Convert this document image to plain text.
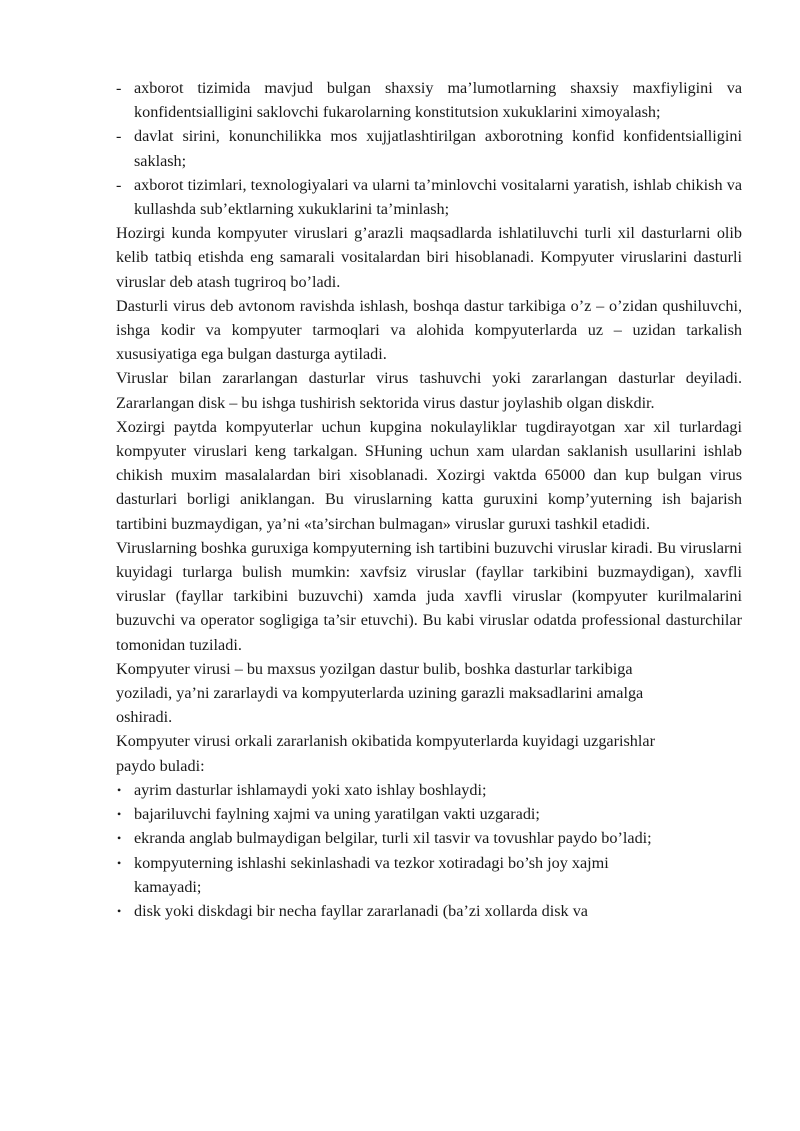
- axborot tizimida mavjud bulgan shaxsiy ma’lumotlarning shaxsiy maxfiyligini va konfidentsialligini saklovchi fukarolarning konstitutsion xukuklarini ximoyalash;
- davlat sirini, konunchilikka mos xujjatlashtirilgan axborotning konfid konfidentsialligini saklash;
- axborot tizimlari, texnologiyalari va ularni ta’minlovchi vositalarni yaratish, ishlab chikish va kullashda sub’ektlarning xukuklarini ta’minlash;

Hozirgi kunda kompyuter viruslari g’arazli maqsadlarda ishlatiluvchi turli xil dasturlarni olib kelib tatbiq etishda eng samarali vositalardan biri hisoblanadi. Kompyuter viruslarini dasturli viruslar deb atash tugriroq bo’ladi.

Dasturli virus deb avtonom ravishda ishlash, boshqa dastur tarkibiga o’z – o’zidan qushiluvchi, ishga kodir va kompyuter tarmoqlari va alohida kompyuterlarda uz – uzidan tarkalish xususiyatiga ega bulgan dasturga aytiladi.

Viruslar bilan zararlangan dasturlar virus tashuvchi yoki zararlangan dasturlar deyiladi. Zararlangan disk – bu ishga tushirish sektorida virus dastur joylashib olgan diskdir.

Xozirgi paytda kompyuterlar uchun kupgina nokulayliklar tugdirayotgan xar xil turlardagi kompyuter viruslari keng tarkalgan. SHuning uchun xam ulardan saklanish usullarini ishlab chikish muxim masalalardan biri xisoblanadi. Xozirgi vaktda 65000 dan kup bulgan virus dasturlari borligi aniklangan. Bu viruslarning katta guruxini komp’yuterning ish bajarish tartibini buzmaydigan, ya’ni «ta’sirchan bulmagan» viruslar guruxi tashkil etadidi.

Viruslarning boshka guruxiga kompyuterning ish tartibini buzuvchi viruslar kiradi. Bu viruslarni kuyidagi turlarga bulish mumkin: xavfsiz viruslar (fayllar tarkibini buzmaydigan), xavfli viruslar (fayllar tarkibini buzuvchi) xamda juda xavfli viruslar (kompyuter kurilmalarini buzuvchi va operator sogligiga ta’sir etuvchi). Bu kabi viruslar odatda professional dasturchilar tomonidan tuziladi.

Kompyuter virusi – bu maxsus yozilgan dastur bulib, boshka dasturlar tarkibiga yoziladi, ya’ni zararlaydi va kompyuterlarda uzining garazli maksadlarini amalga oshiradi.

Kompyuter virusi orkali zararlanish okibatida kompyuterlarda kuyidagi uzgarishlar paydo buladi:

• ayrim dasturlar ishlamaydi yoki xato ishlay boshlaydi;
• bajariluvchi faylning xajmi va uning yaratilgan vakti uzgaradi;
• ekranda anglab bulmaydigan belgilar, turli xil tasvir va tovushlar paydo bo’ladi;
• kompyuterning ishlashi sekinlashadi va tezkor xotiradagi bo’sh joy xajmi kamayadi;
• disk yoki diskdagi bir necha fayllar zararlanadi (ba’zi xollarda disk va
